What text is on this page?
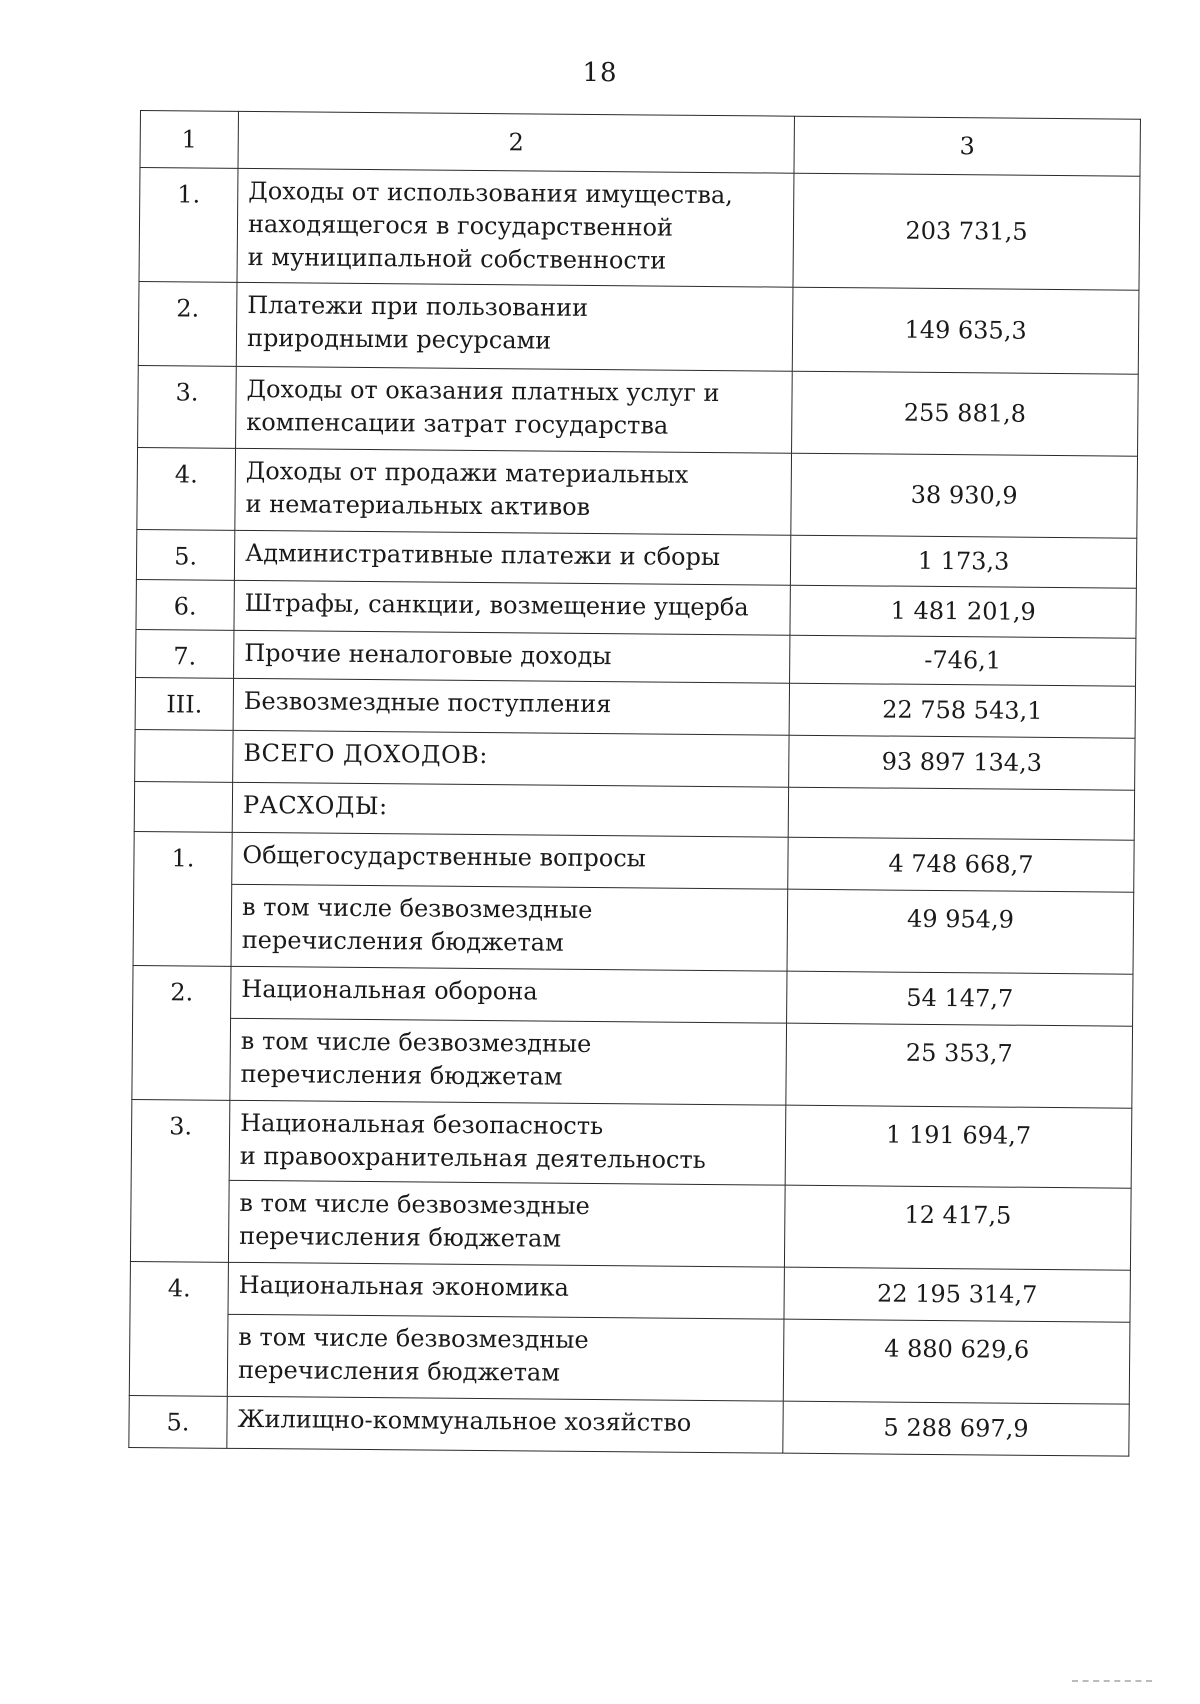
18
1	2	3
1.	Доходы от использования имущества,
находящегося в государственной
и муниципальной собственности	203 731,5
2.	Платежи при пользовании
природными ресурсами	149 635,3
3.	Доходы от оказания платных услуг и
компенсации затрат государства	255 881,8
4.	Доходы от продажи материальных
и нематериальных активов	38 930,9
5.	Административные платежи и сборы	1 173,3
6.	Штрафы, санкции, возмещение ущерба	1 481 201,9
7.	Прочие неналоговые доходы	-746,1
III.	Безвозмездные поступления	22 758 543,1
	ВСЕГО ДОХОДОВ:	93 897 134,3
	РАСХОДЫ:	
1.	Общегосударственные вопросы	4 748 668,7

	в том числе безвозмездные
перечисления бюджетам	49 954,9
2.	Национальная оборона	54 147,7

	в том числе безвозмездные
перечисления бюджетам	25 353,7
3.	Национальная безопасность
и правоохранительная деятельность	1 191 694,7

	в том числе безвозмездные
перечисления бюджетам	12 417,5
4.	Национальная экономика	22 195 314,7

	в том числе безвозмездные
перечисления бюджетам	4 880 629,6
5.	Жилищно-коммунальное хозяйство	5 288 697,9
